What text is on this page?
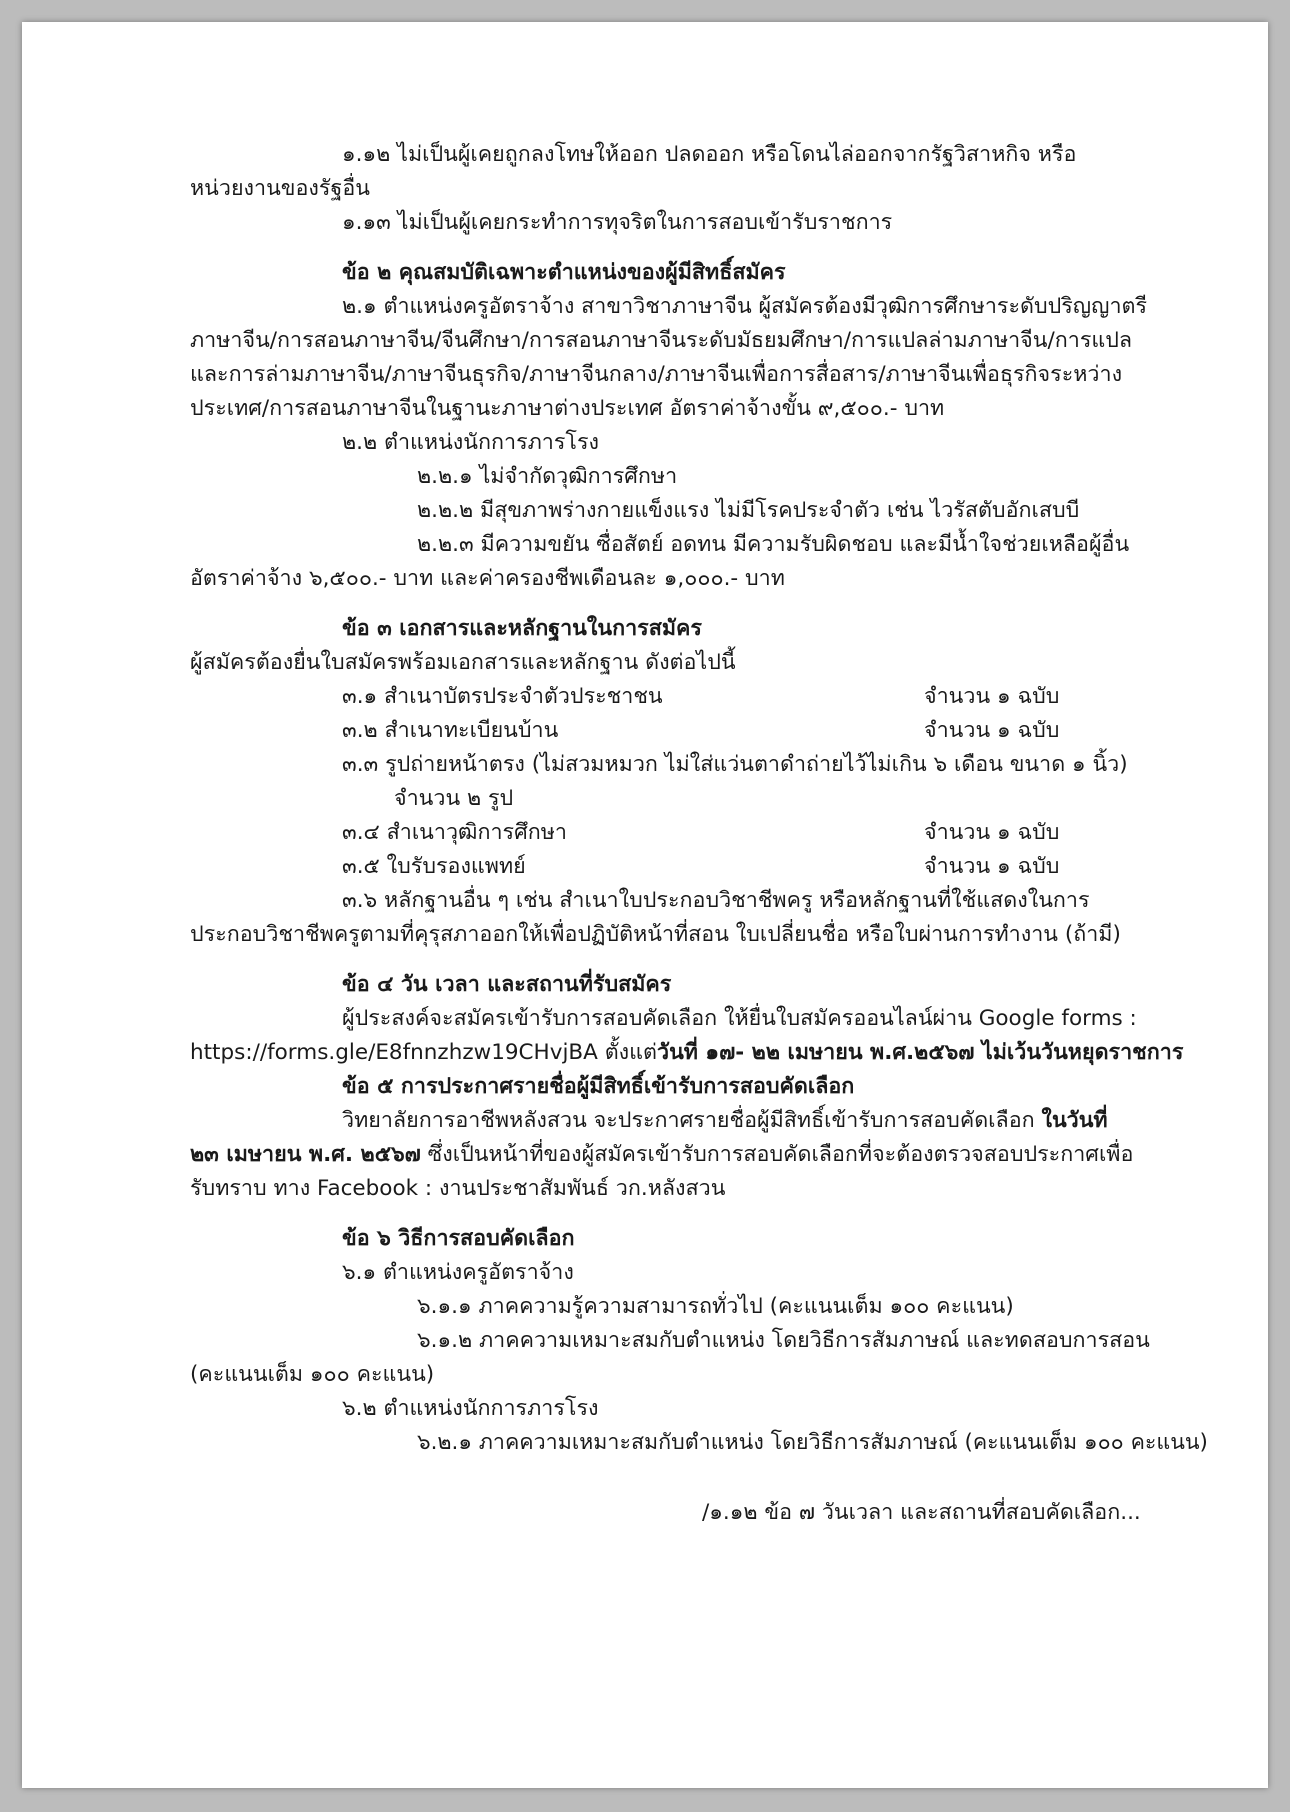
๑.๑๒ ไม่เป็นผู้เคยถูกลงโทษให้ออก ปลดออก หรือโดนไล่ออกจากรัฐวิสาหกิจ หรือ
หน่วยงานของรัฐอื่น
๑.๑๓ ไม่เป็นผู้เคยกระทำการทุจริตในการสอบเข้ารับราชการ
ข้อ ๒ คุณสมบัติเฉพาะตำแหน่งของผู้มีสิทธิ์สมัคร
๒.๑ ตำแหน่งครูอัตราจ้าง สาขาวิชาภาษาจีน ผู้สมัครต้องมีวุฒิการศึกษาระดับปริญญาตรี
ภาษาจีน/การสอนภาษาจีน/จีนศึกษา/การสอนภาษาจีนระดับมัธยมศึกษา/การแปลล่ามภาษาจีน/การแปล
และการล่ามภาษาจีน/ภาษาจีนธุรกิจ/ภาษาจีนกลาง/ภาษาจีนเพื่อการสื่อสาร/ภาษาจีนเพื่อธุรกิจระหว่าง
ประเทศ/การสอนภาษาจีนในฐานะภาษาต่างประเทศ อัตราค่าจ้างขั้น ๙,๕๐๐.- บาท
๒.๒ ตำแหน่งนักการภารโรง
๒.๒.๑ ไม่จำกัดวุฒิการศึกษา
๒.๒.๒ มีสุขภาพร่างกายแข็งแรง ไม่มีโรคประจำตัว เช่น ไวรัสตับอักเสบบี
๒.๒.๓ มีความขยัน ซื่อสัตย์ อดทน มีความรับผิดชอบ และมีน้ำใจช่วยเหลือผู้อื่น
อัตราค่าจ้าง ๖,๕๐๐.- บาท และค่าครองชีพเดือนละ ๑,๐๐๐.- บาท
ข้อ ๓ เอกสารและหลักฐานในการสมัคร
ผู้สมัครต้องยื่นใบสมัครพร้อมเอกสารและหลักฐาน ดังต่อไปนี้
๓.๑ สำเนาบัตรประจำตัวประชาชน	จำนวน ๑ ฉบับ
๓.๒ สำเนาทะเบียนบ้าน	จำนวน ๑ ฉบับ
๓.๓ รูปถ่ายหน้าตรง (ไม่สวมหมวก ไม่ใส่แว่นตาดำถ่ายไว้ไม่เกิน ๖ เดือน ขนาด ๑ นิ้ว)
จำนวน ๒ รูป
๓.๔ สำเนาวุฒิการศึกษา	จำนวน ๑ ฉบับ
๓.๕ ใบรับรองแพทย์	จำนวน ๑ ฉบับ
๓.๖ หลักฐานอื่น ๆ เช่น สำเนาใบประกอบวิชาชีพครู หรือหลักฐานที่ใช้แสดงในการ
ประกอบวิชาชีพครูตามที่คุรุสภาออกให้เพื่อปฏิบัติหน้าที่สอน ใบเปลี่ยนชื่อ หรือใบผ่านการทำงาน (ถ้ามี)
ข้อ ๔ วัน เวลา และสถานที่รับสมัคร
ผู้ประสงค์จะสมัครเข้ารับการสอบคัดเลือก ให้ยื่นใบสมัครออนไลน์ผ่าน Google forms :
https://forms.gle/E8fnnzhzw19CHvjBA ตั้งแต่วันที่ ๑๗- ๒๒ เมษายน พ.ศ.๒๕๖๗ ไม่เว้นวันหยุดราชการ
ข้อ ๕ การประกาศรายชื่อผู้มีสิทธิ์เข้ารับการสอบคัดเลือก
วิทยาลัยการอาชีพหลังสวน จะประกาศรายชื่อผู้มีสิทธิ์เข้ารับการสอบคัดเลือก ในวันที่
๒๓ เมษายน พ.ศ. ๒๕๖๗ ซึ่งเป็นหน้าที่ของผู้สมัครเข้ารับการสอบคัดเลือกที่จะต้องตรวจสอบประกาศเพื่อ
รับทราบ ทาง Facebook : งานประชาสัมพันธ์ วก.หลังสวน
ข้อ ๖ วิธีการสอบคัดเลือก
๖.๑ ตำแหน่งครูอัตราจ้าง
๖.๑.๑ ภาคความรู้ความสามารถทั่วไป (คะแนนเต็ม ๑๐๐ คะแนน)
๖.๑.๒ ภาคความเหมาะสมกับตำแหน่ง โดยวิธีการสัมภาษณ์ และทดสอบการสอน
(คะแนนเต็ม ๑๐๐ คะแนน)
๖.๒ ตำแหน่งนักการภารโรง
๖.๒.๑ ภาคความเหมาะสมกับตำแหน่ง โดยวิธีการสัมภาษณ์ (คะแนนเต็ม ๑๐๐ คะแนน)
/๑.๑๒ ข้อ ๗ วันเวลา และสถานที่สอบคัดเลือก...
